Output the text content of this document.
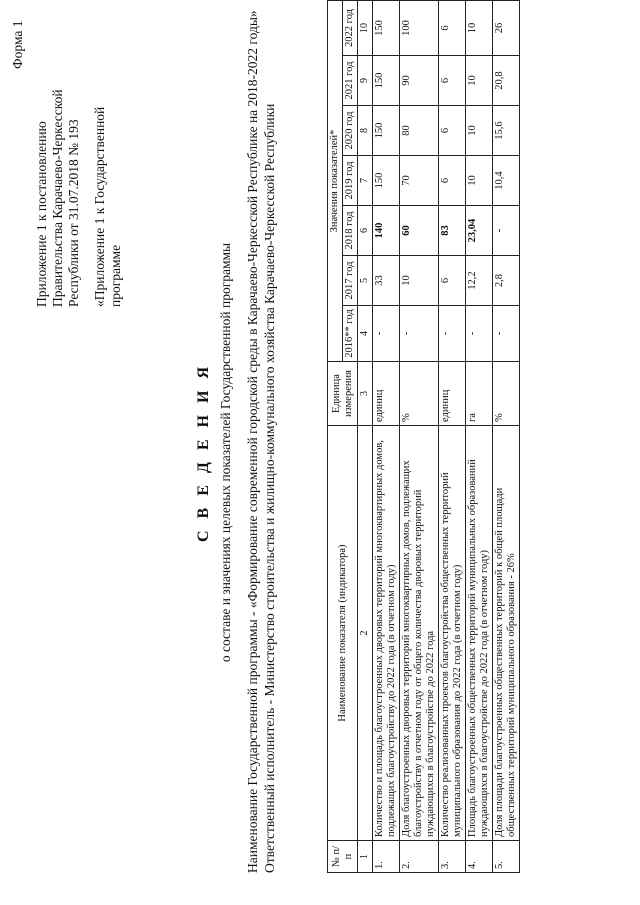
Приложение 1 к постановлению
Правительства Карачаево-Черкесской
Республики от 31.07.2018 № 193 «Приложение 1 к Государственной
программе

Форма 1
С В Е Д Е Н И Я о составе и значениях целевых показателей Государственной программы Наименование Государственной программы - «Формирование современной городской среды в Карачаево-Черкесской Республике на 2018-2022 годы» Ответственный исполнитель - Министерство строительства и жилищно-коммунального хозяйства Карачаево-Черкесской Республики	№ п/п	Наименование показателя (индикатора)	Единица измерения	Значения показателей*						
			2016** год	2017 год	2018 год	2019 год	2020 год	2021 год	2022 год
1	2	3	4	5	6	7	8	9	10
1.	Количество и площадь благоустроенных дворовых территорий многоквартирных домов, подлежащих благоустройству до 2022 года (в отчетном году)	единиц	-	33	140	150	150	150	150
2.	Доля благоустроенных дворовых территорий многоквартирных домов, подлежащих благоустройству в отчетном году от общего количества дворовых территорий нуждающихся в благоустройстве до 2022 года	%	-	10	60	70	80	90	100
3.	Количество реализованных проектов благоустройства общественных территорий муниципального образования до 2022 года (в отчетном году)	единиц	-	6	83	6	6	6	6
4.	Площадь благоустроенных общественных территорий муниципальных образований нуждающихся в благоустройстве до 2022 года (в отчетном году)	га	-	12,2	23,04	10	10	10	10
5.	Доля площади благоустроенных общественных территорий к общей площади общественных территорий муниципального образования - 26%	%	-	2,8	-	10,4	15,6	20,8	26
